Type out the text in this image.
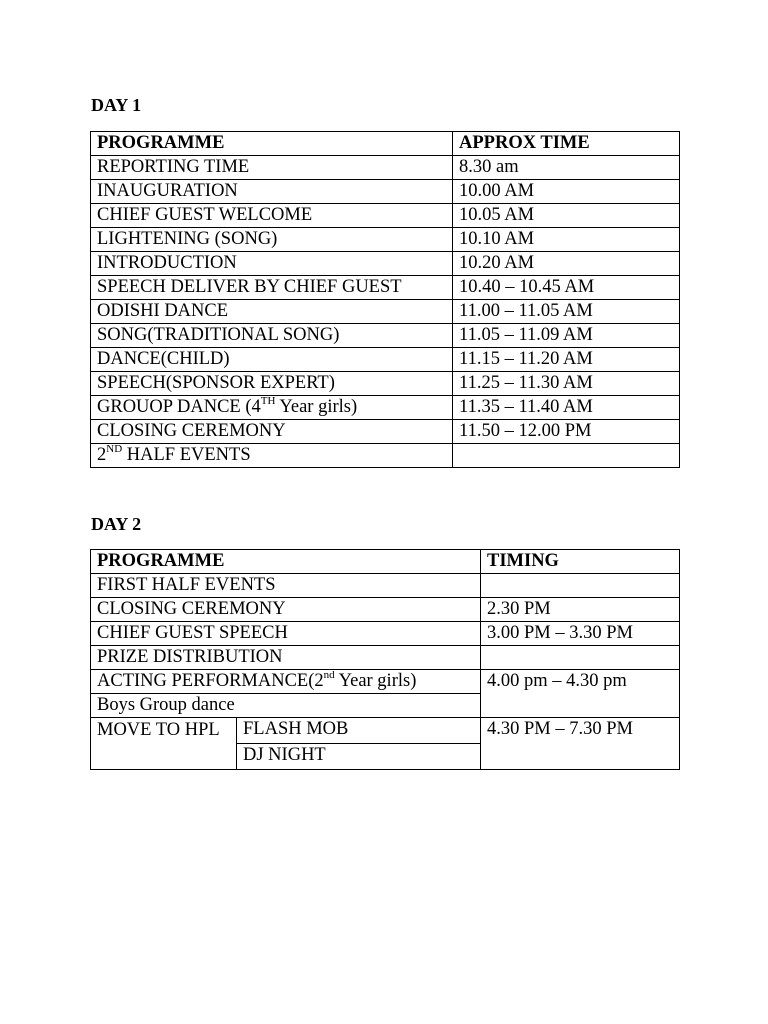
DAY 1
PROGRAMME	APPROX TIME
REPORTING TIME	8.30 am
INAUGURATION	10.00 AM
CHIEF GUEST WELCOME	10.05 AM
LIGHTENING (SONG)	10.10 AM
INTRODUCTION	10.20 AM
SPEECH DELIVER BY CHIEF GUEST	10.40 – 10.45 AM
ODISHI DANCE	11.00 – 11.05 AM
SONG(TRADITIONAL SONG)	11.05 – 11.09 AM
DANCE(CHILD)	11.15 – 11.20 AM
SPEECH(SPONSOR EXPERT)	11.25 – 11.30 AM
GROUOP DANCE (4TH Year girls)	11.35 – 11.40 AM
CLOSING CEREMONY	11.50 – 12.00 PM
2ND HALF EVENTS	
DAY 2
PROGRAMME		TIMING
FIRST HALF EVENTS		
CLOSING CEREMONY		2.30 PM
CHIEF GUEST SPEECH		3.00 PM – 3.30 PM
PRIZE DISTRIBUTION		
ACTING PERFORMANCE(2nd Year girls)		4.00 pm – 4.30 pm
Boys Group dance		
MOVE TO HPL	FLASH MOB	4.30 PM – 7.30 PM
	DJ NIGHT	
